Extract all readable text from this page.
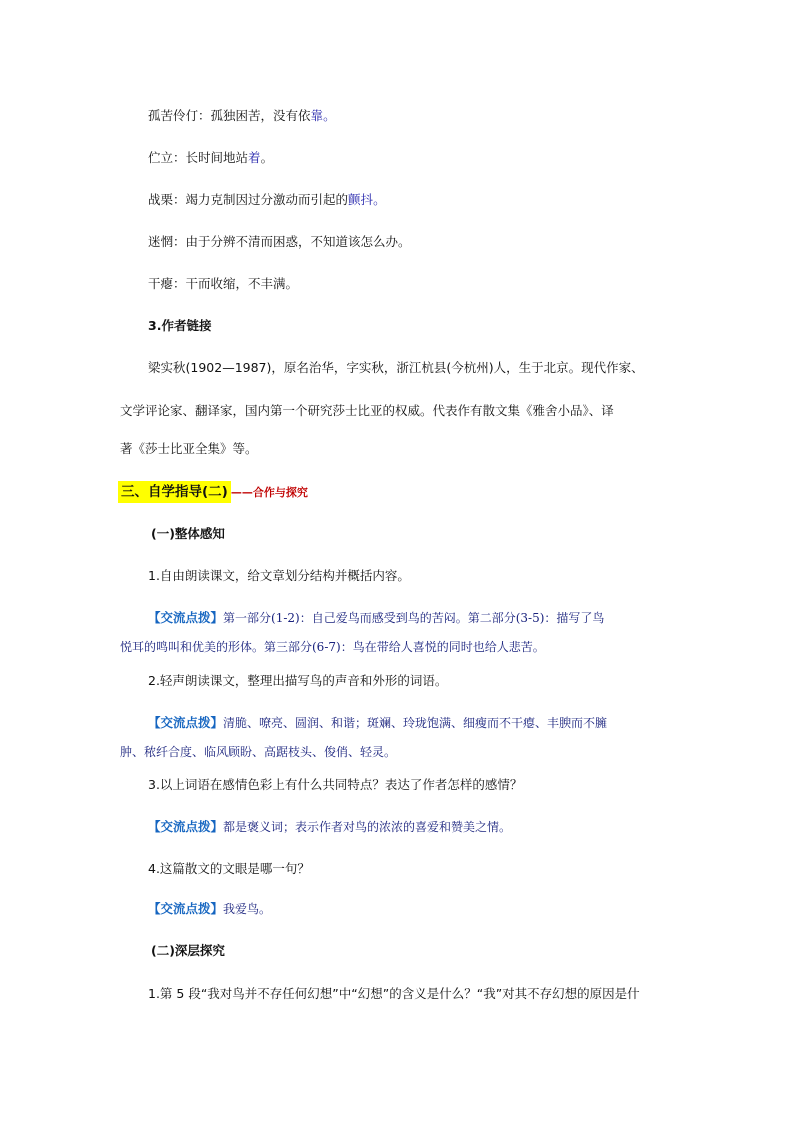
孤苦伶仃：孤独困苦，没有依靠。
伫立：长时间地站着。
战栗：竭力克制因过分激动而引起的颤抖。
迷惘：由于分辨不清而困惑，不知道该怎么办。
干瘪：干而收缩，不丰满。
3.作者链接
梁实秋(1902—1987)，原名治华，字实秋，浙江杭县(今杭州)人，生于北京。现代作家、
文学评论家、翻译家，国内第一个研究莎士比亚的权威。代表作有散文集《雅舍小品》、译
著《莎士比亚全集》等。
三、自学指导(二) ——合作与探究
(一)整体感知
1.自由朗读课文，给文章划分结构并概括内容。
【交流点拨】第一部分(1-2)：自己爱鸟而感受到鸟的苦闷。第二部分(3-5)：描写了鸟
悦耳的鸣叫和优美的形体。第三部分(6-7)：鸟在带给人喜悦的同时也给人悲苦。
2.轻声朗读课文，整理出描写鸟的声音和外形的词语。
【交流点拨】清脆、嘹亮、圆润、和谐；斑斓、玲珑饱满、细瘦而不干瘪、丰腴而不臃
肿、秾纤合度、临风顾盼、高踞枝头、俊俏、轻灵。
3.以上词语在感情色彩上有什么共同特点？表达了作者怎样的感情？
【交流点拨】都是褒义词；表示作者对鸟的浓浓的喜爱和赞美之情。
4.这篇散文的文眼是哪一句？
【交流点拨】我爱鸟。
(二)深层探究
1.第 5 段“我对鸟并不存任何幻想”中“幻想”的含义是什么？“我”对其不存幻想的原因是什
